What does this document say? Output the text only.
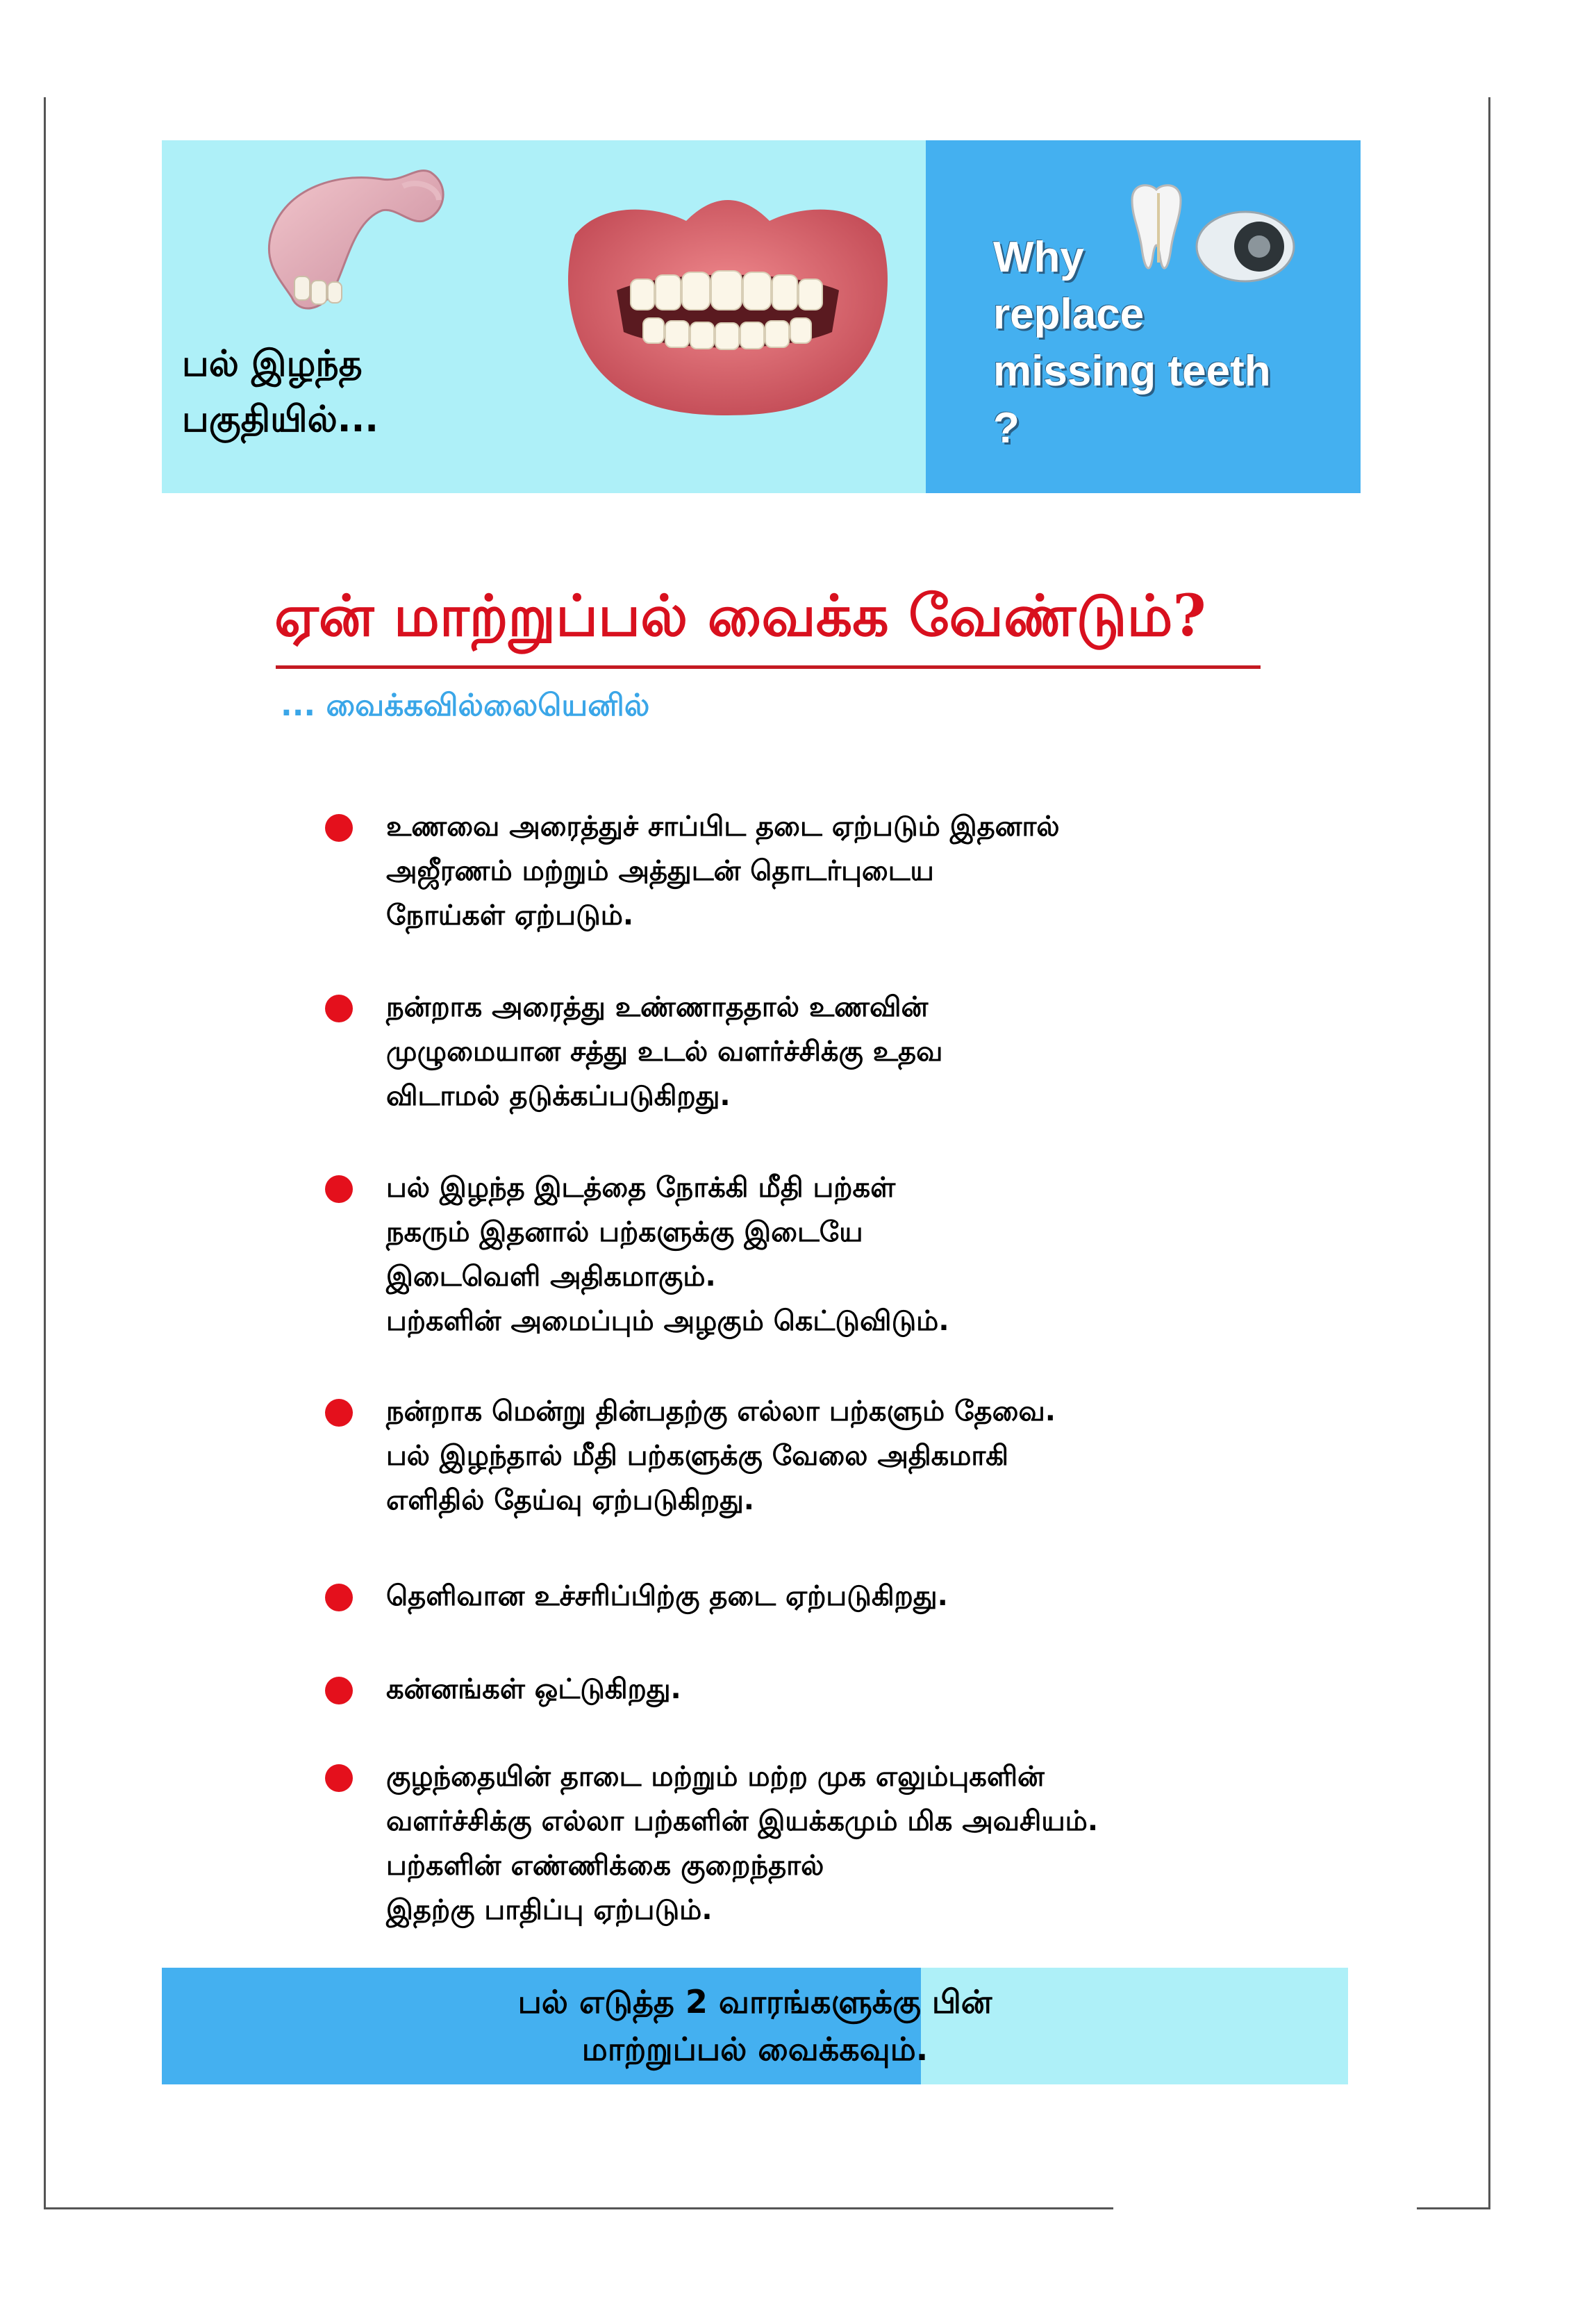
பல் இழந்த
பகுதியில்...
Why
replace
missing teeth ?
ஏன் மாற்றுப்பல் வைக்க வேண்டும்?
... வைக்கவில்லையெனில்
உணவை அரைத்துச் சாப்பிட தடை ஏற்படும் இதனால்
அஜீரணம் மற்றும் அத்துடன் தொடர்புடைய
நோய்கள் ஏற்படும்.
நன்றாக அரைத்து உண்ணாததால் உணவின்
முழுமையான சத்து உடல் வளர்ச்சிக்கு உதவ
விடாமல் தடுக்கப்படுகிறது.
பல் இழந்த இடத்தை நோக்கி மீதி பற்கள்
நகரும் இதனால் பற்களுக்கு இடையே
இடைவெளி அதிகமாகும்.
பற்களின் அமைப்பும் அழகும் கெட்டுவிடும்.
நன்றாக மென்று தின்பதற்கு எல்லா பற்களும் தேவை.
பல் இழந்தால் மீதி பற்களுக்கு வேலை அதிகமாகி
எளிதில் தேய்வு ஏற்படுகிறது.
தெளிவான உச்சரிப்பிற்கு தடை ஏற்படுகிறது.
கன்னங்கள் ஒட்டுகிறது.
குழந்தையின் தாடை மற்றும் மற்ற முக எலும்புகளின்
வளர்ச்சிக்கு எல்லா பற்களின் இயக்கமும் மிக அவசியம்.
பற்களின் எண்ணிக்கை குறைந்தால்
இதற்கு பாதிப்பு ஏற்படும்.
பல் எடுத்த 2 வாரங்களுக்கு பின்
மாற்றுப்பல் வைக்கவும்.
